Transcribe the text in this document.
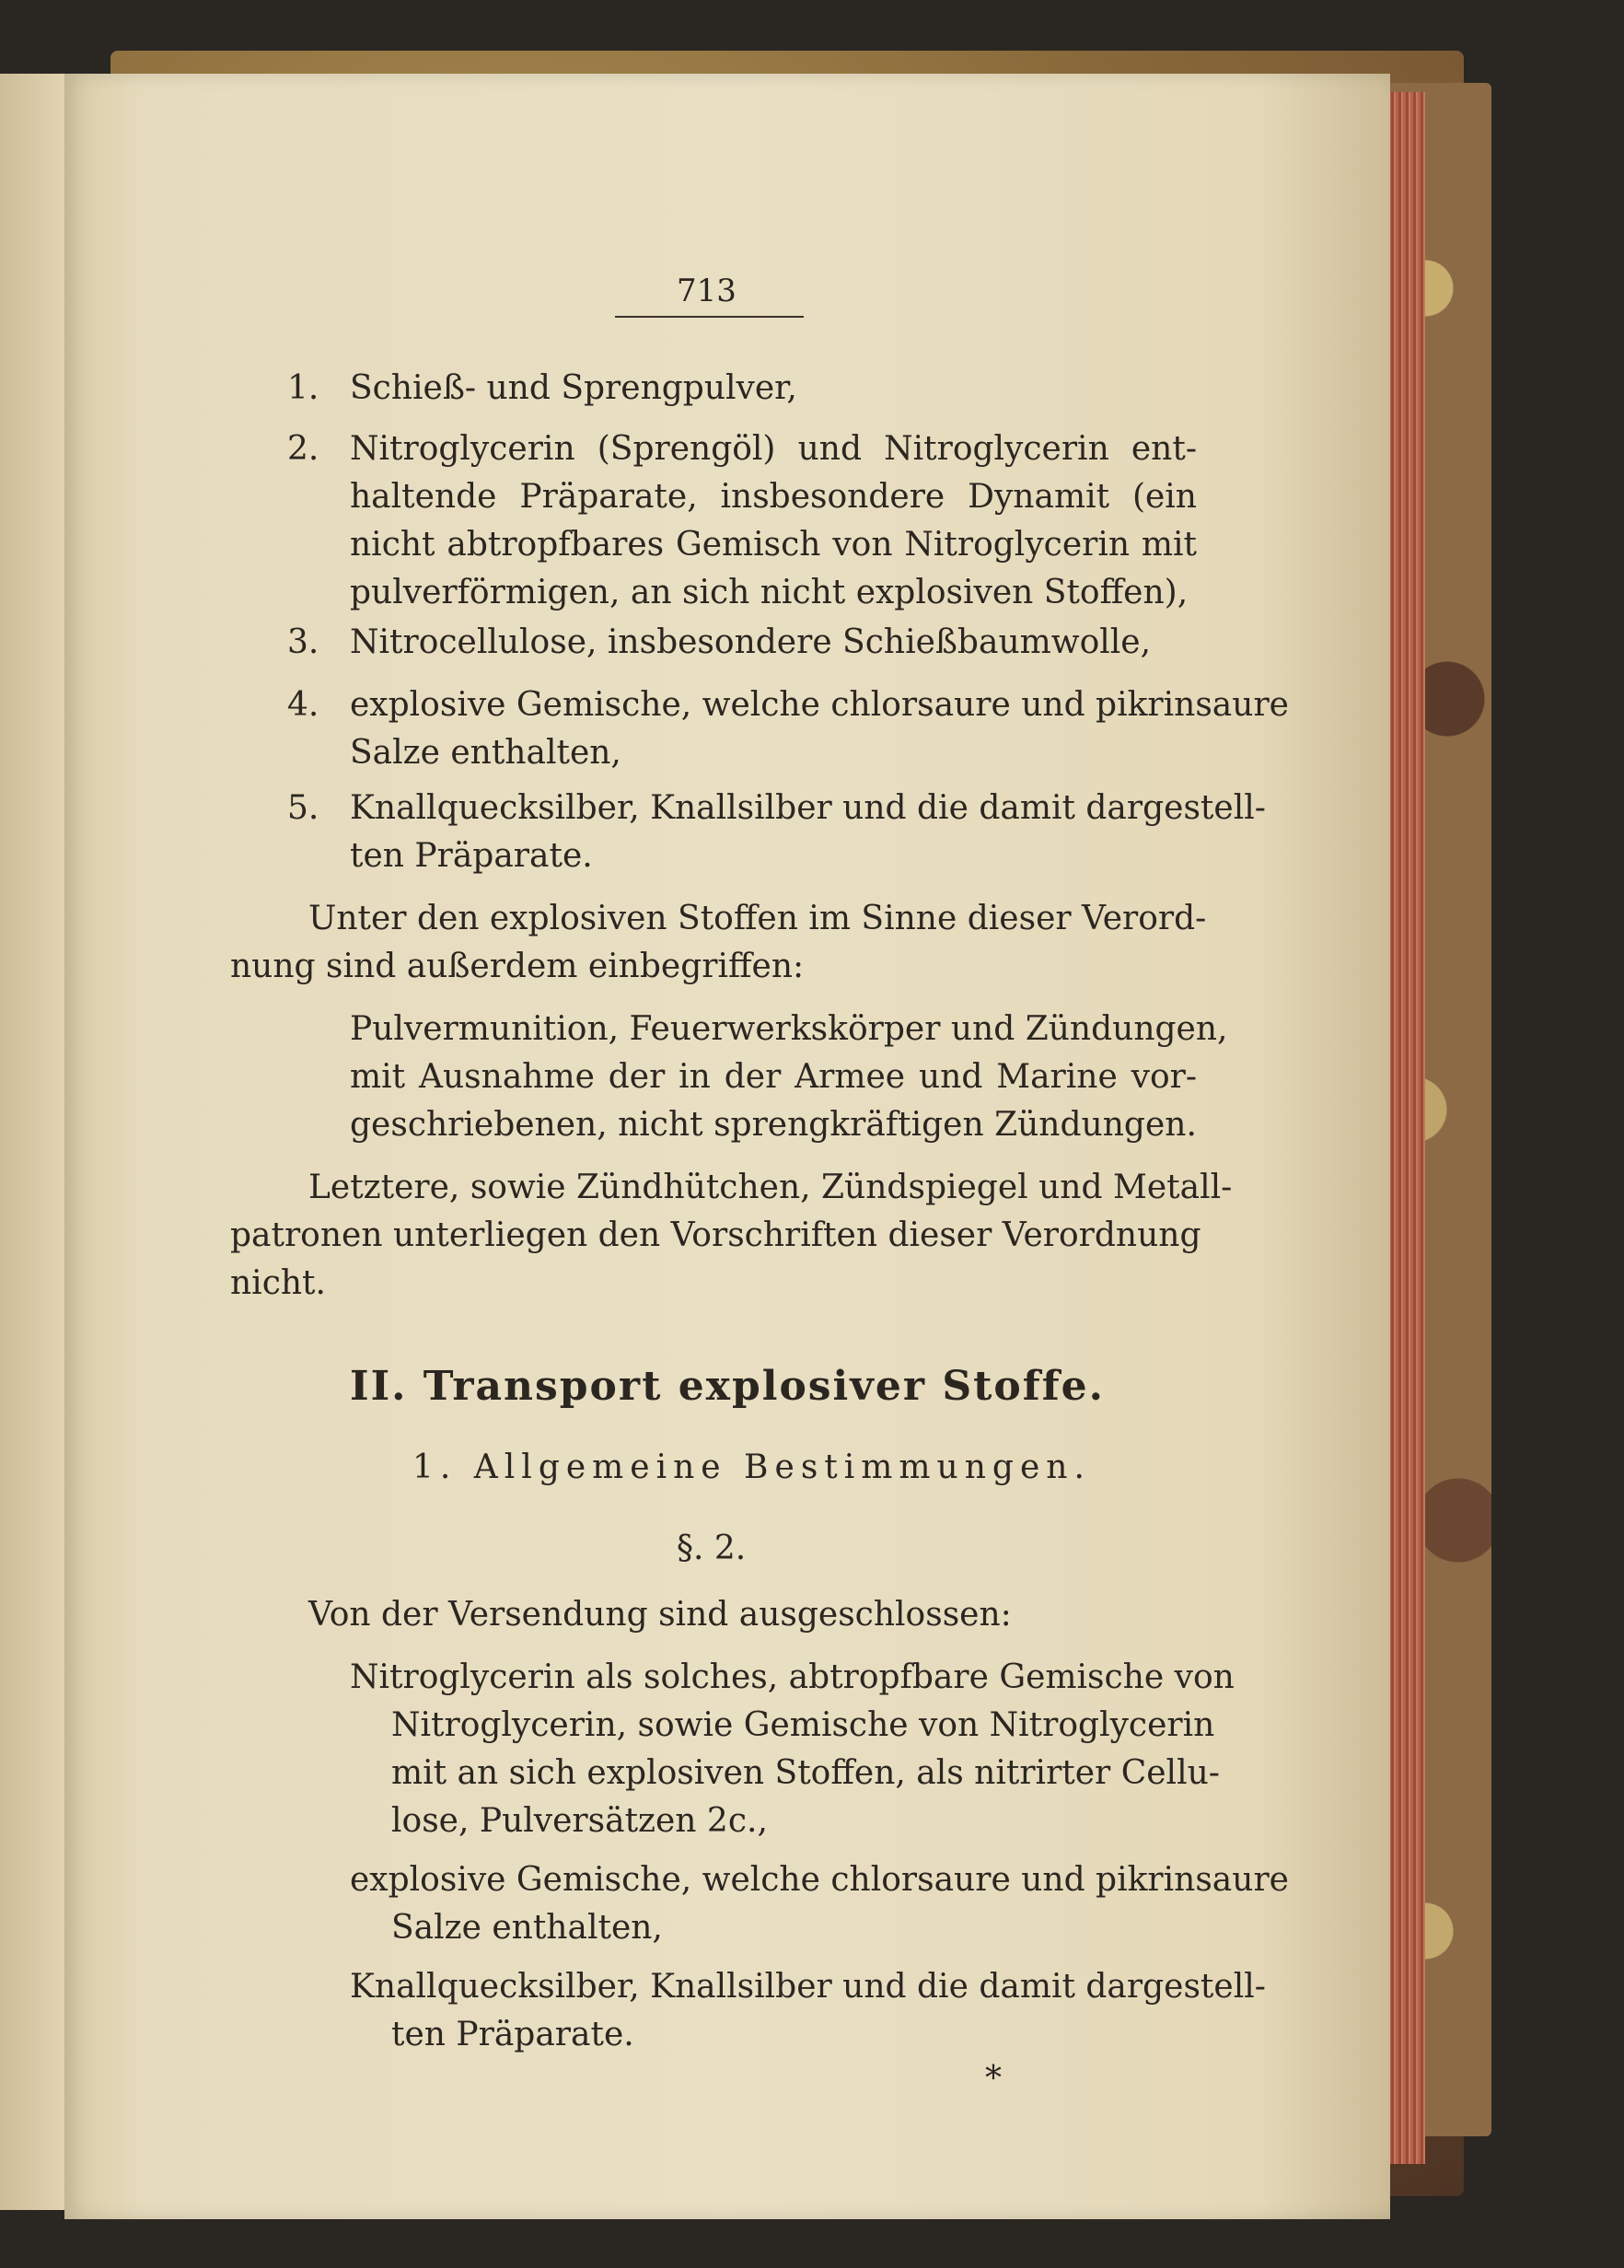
713
1. Schieß- und Sprengpulver,
2. Nitroglycerin (Sprengöl) und Nitroglycerin ent-
haltende Präparate, insbesondere Dynamit (ein
nicht abtropfbares Gemisch von Nitroglycerin mit
pulverförmigen, an sich nicht explosiven Stoffen),
3. Nitrocellulose, insbesondere Schießbaumwolle,
4. explosive Gemische, welche chlorsaure und pikrinsaure
Salze enthalten,
5. Knallquecksilber, Knallsilber und die damit dargestell-
ten Präparate.
Unter den explosiven Stoffen im Sinne dieser Verord-
nung sind außerdem einbegriffen:
Pulvermunition, Feuerwerkskörper und Zündungen,
mit Ausnahme der in der Armee und Marine vor-
geschriebenen, nicht sprengkräftigen Zündungen.
Letztere, sowie Zündhütchen, Zündspiegel und Metall-
patronen unterliegen den Vorschriften dieser Verordnung
nicht.
II. Transport explosiver Stoffe.
1. Allgemeine Bestimmungen.
§. 2.
Von der Versendung sind ausgeschlossen:
Nitroglycerin als solches, abtropfbare Gemische von
Nitroglycerin, sowie Gemische von Nitroglycerin
mit an sich explosiven Stoffen, als nitrirter Cellu-
lose, Pulversätzen 2c.,
explosive Gemische, welche chlorsaure und pikrinsaure
Salze enthalten,
Knallquecksilber, Knallsilber und die damit dargestell-
ten Präparate.
*
